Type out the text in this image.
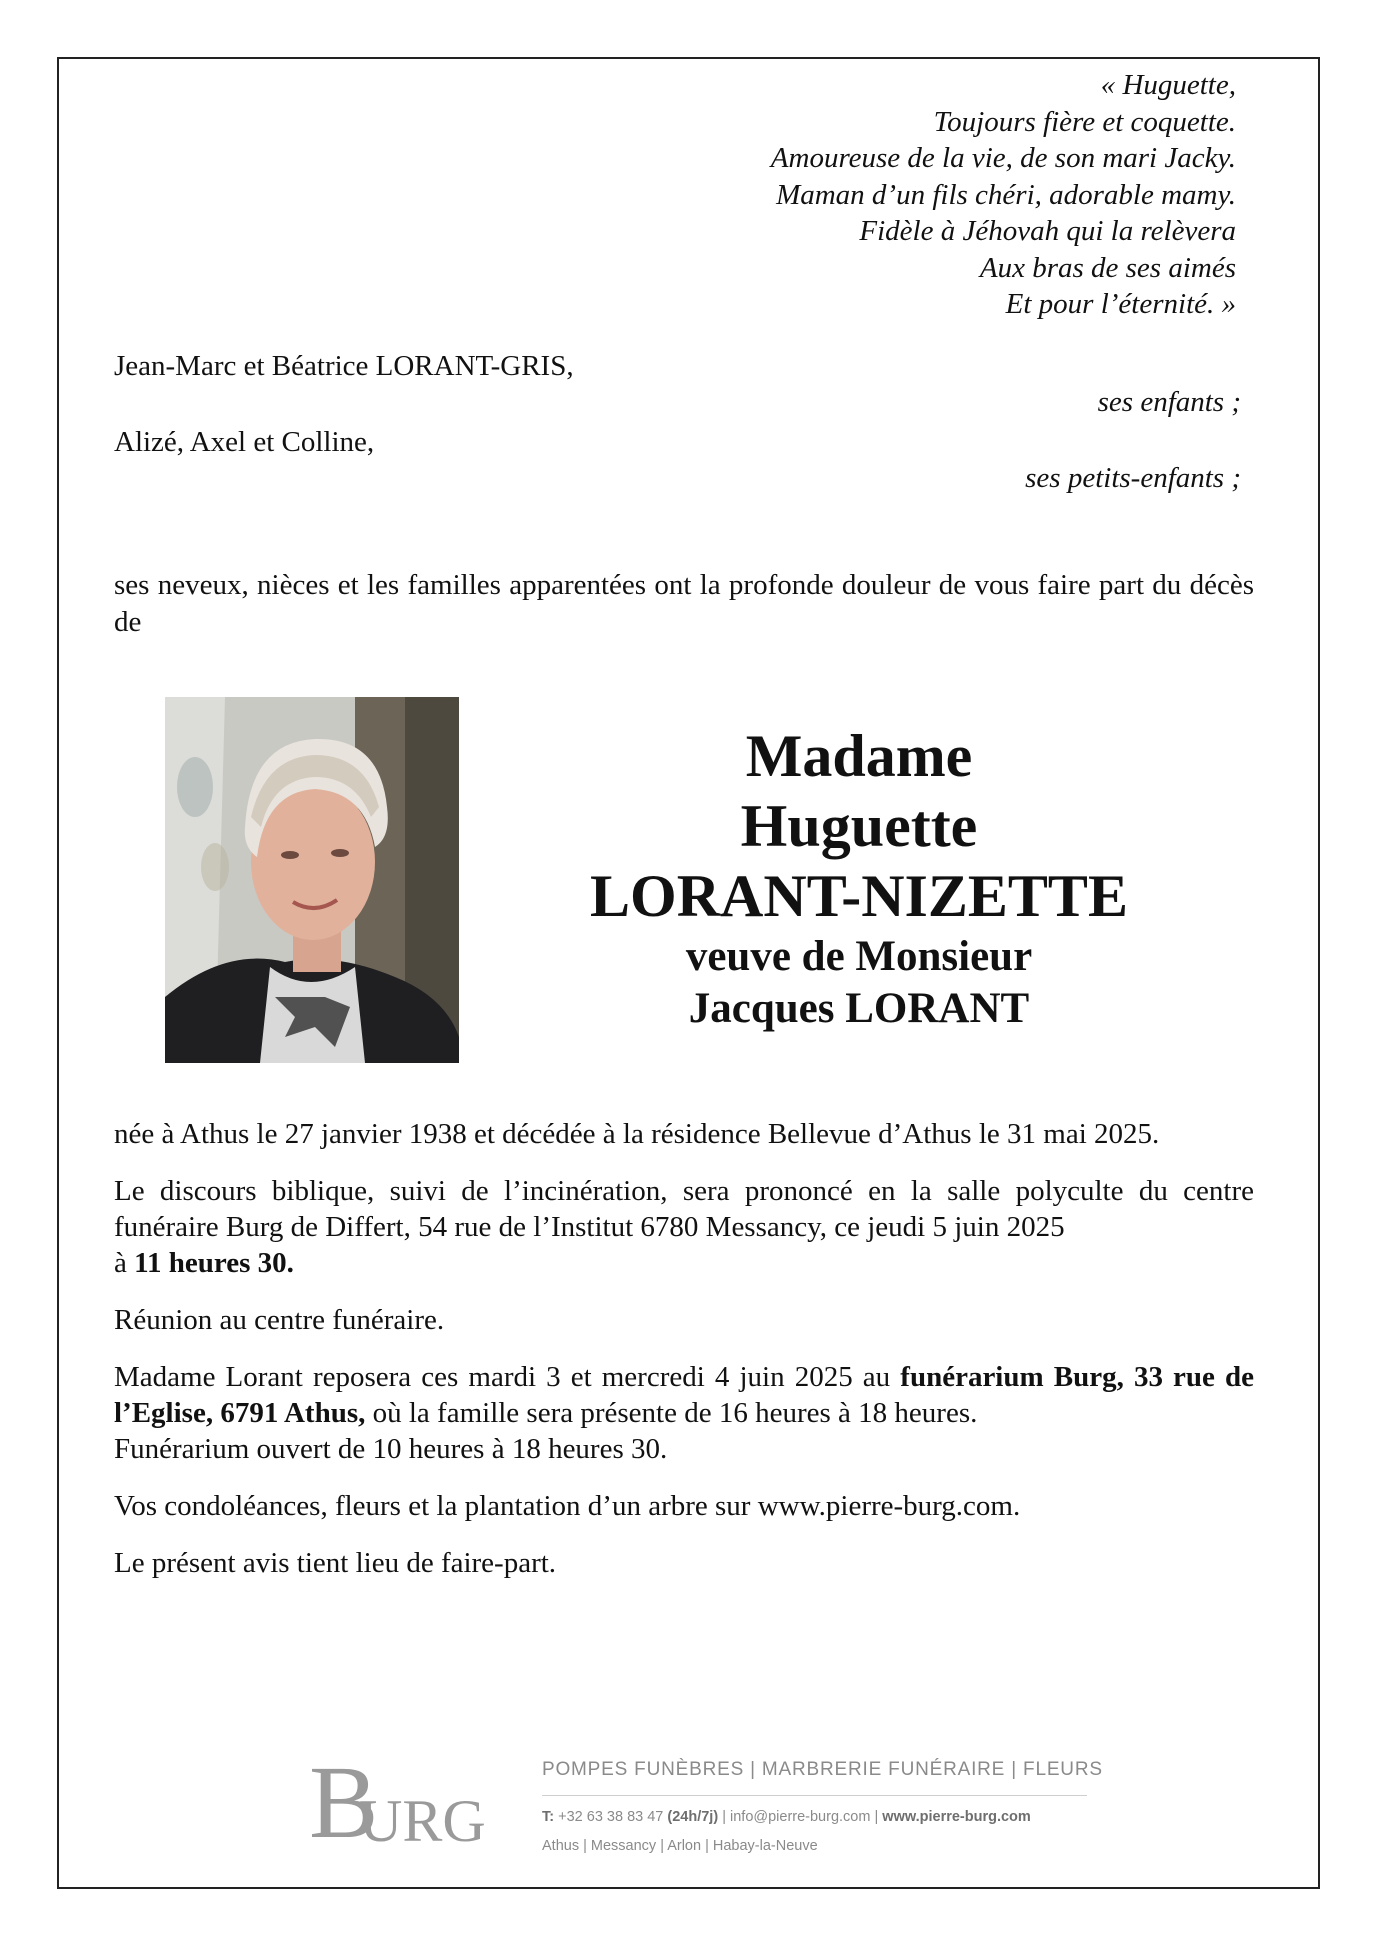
« Huguette,
Toujours fière et coquette.
Amoureuse de la vie, de son mari Jacky.
Maman d’un fils chéri, adorable mamy.
Fidèle à Jéhovah qui la relèvera
Aux bras de ses aimés
Et pour l’éternité. »
Jean-Marc et Béatrice LORANT-GRIS,
ses enfants ;
Alizé, Axel et Colline,
ses petits-enfants ;
ses neveux, nièces et les familles apparentées ont la profonde douleur de vous faire part du décès de
Madame
Huguette
LORANT-NIZETTE
veuve de Monsieur
Jacques LORANT

née à Athus le 27 janvier 1938 et décédée à la résidence Bellevue d’Athus le 31 mai 2025.

Le discours biblique, suivi de l’incinération, sera prononcé en la salle polyculte du centre funéraire Burg de Differt, 54 rue de l’Institut 6780 Messancy, ce jeudi 5 juin 2025
à 11 heures 30.

Réunion au centre funéraire.

Madame Lorant reposera ces mardi 3 et mercredi 4 juin 2025 au funérarium Burg, 33 rue de l’Eglise, 6791 Athus, où la famille sera présente de 16 heures à 18 heures.
Funérarium ouvert de 10 heures à 18 heures 30.

Vos condoléances, fleurs et la plantation d’un arbre sur www.pierre-burg.com.

Le présent avis tient lieu de faire-part.

B
URG
POMPES FUNÈBRES | MARBRERIE FUNÉRAIRE | FLEURS
T: +32 63 38 83 47 (24h/7j) | info@pierre-burg.com | www.pierre-burg.com
Athus | Messancy | Arlon | Habay-la-Neuve
